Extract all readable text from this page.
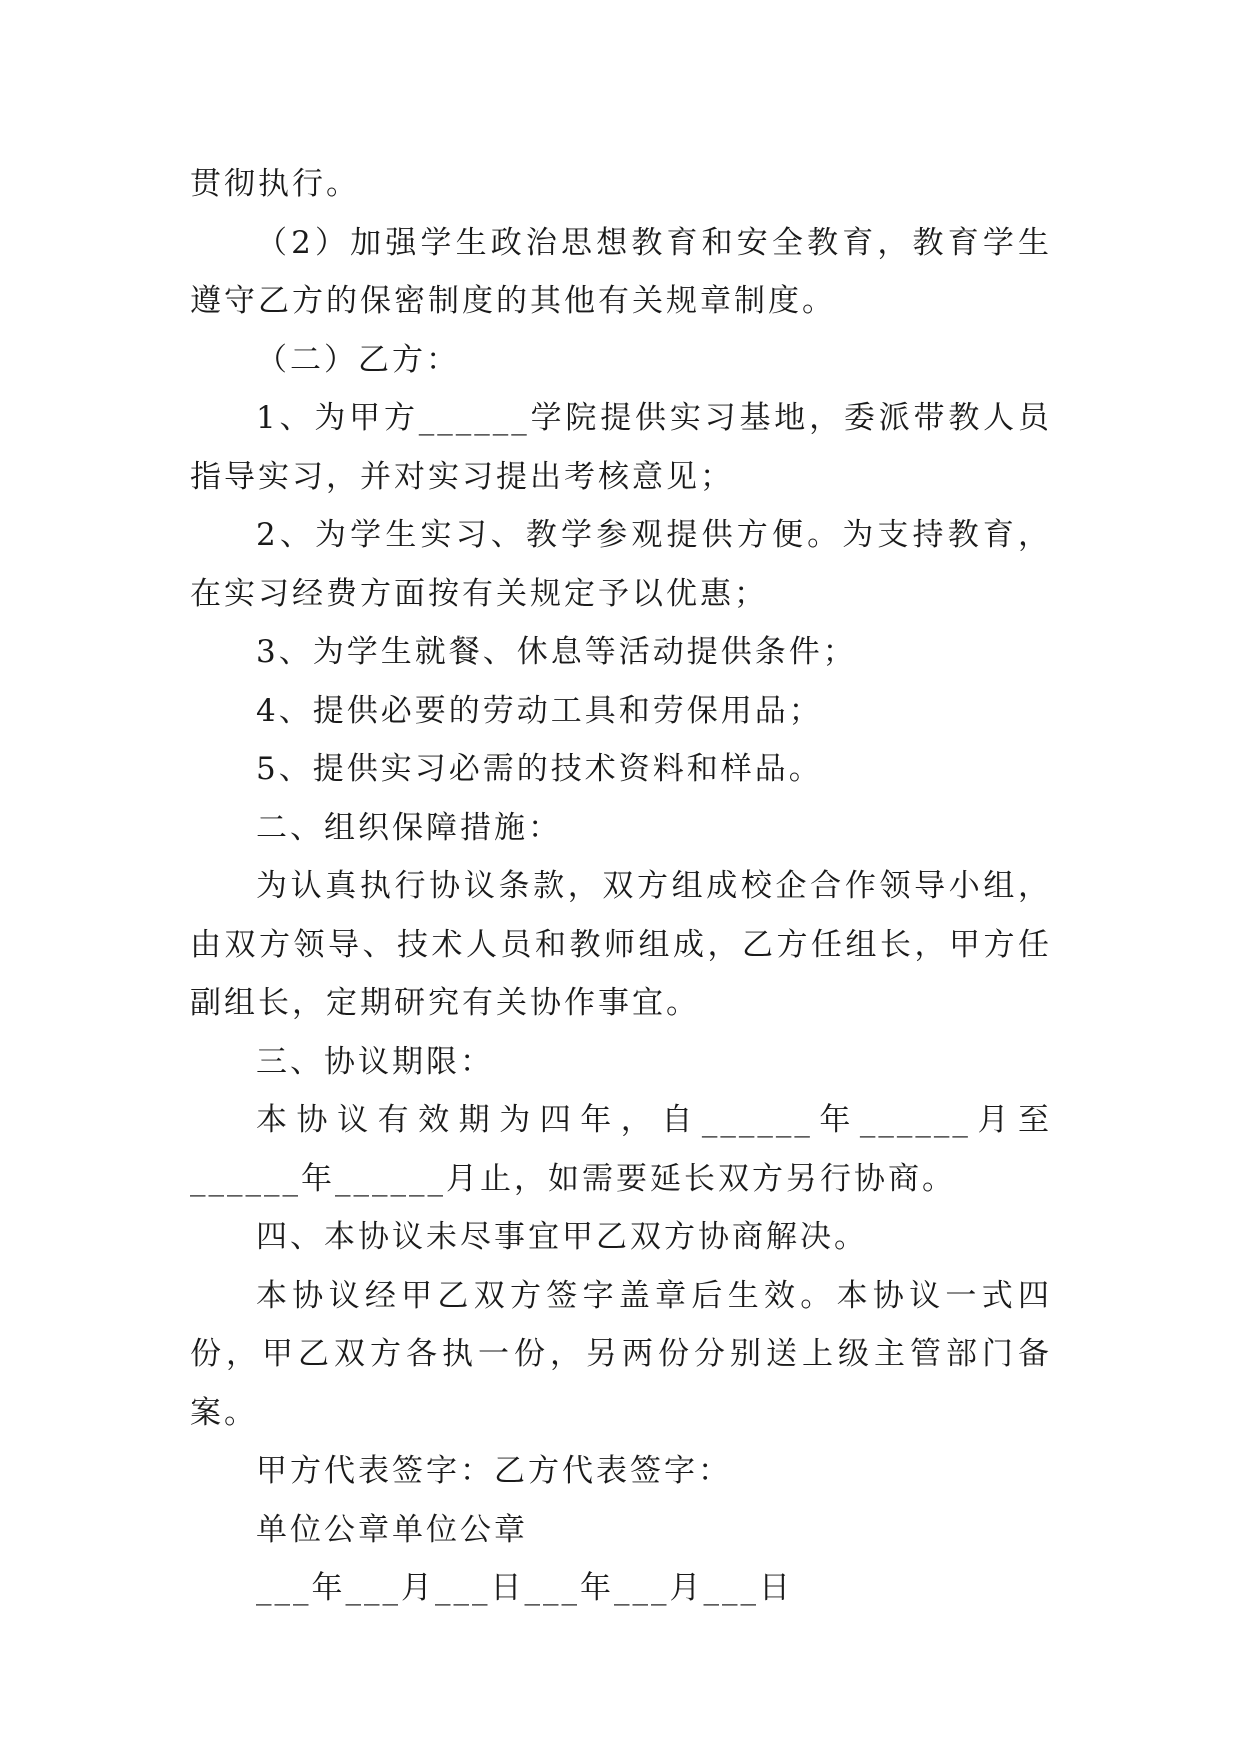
贯彻执行。

（2）加强学生政治思想教育和安全教育，教育学生遵守乙方的保密制度的其他有关规章制度。

（二）乙方：

1、为甲方______学院提供实习基地，委派带教人员指导实习，并对实习提出考核意见；

2、为学生实习、教学参观提供方便。为支持教育，在实习经费方面按有关规定予以优惠；

3、为学生就餐、休息等活动提供条件；

4、提供必要的劳动工具和劳保用品；

5、提供实习必需的技术资料和样品。

二、组织保障措施：

为认真执行协议条款，双方组成校企合作领导小组，由双方领导、技术人员和教师组成，乙方任组长，甲方任副组长，定期研究有关协作事宜。

三、协议期限：

本协议有效期为四年，自______年______月至______年______月止，如需要延长双方另行协商。

四、本协议未尽事宜甲乙双方协商解决。

本协议经甲乙双方签字盖章后生效。本协议一式四份，甲乙双方各执一份，另两份分别送上级主管部门备案。

甲方代表签字：乙方代表签字：

单位公章单位公章

___年___月___日___年___月___日
